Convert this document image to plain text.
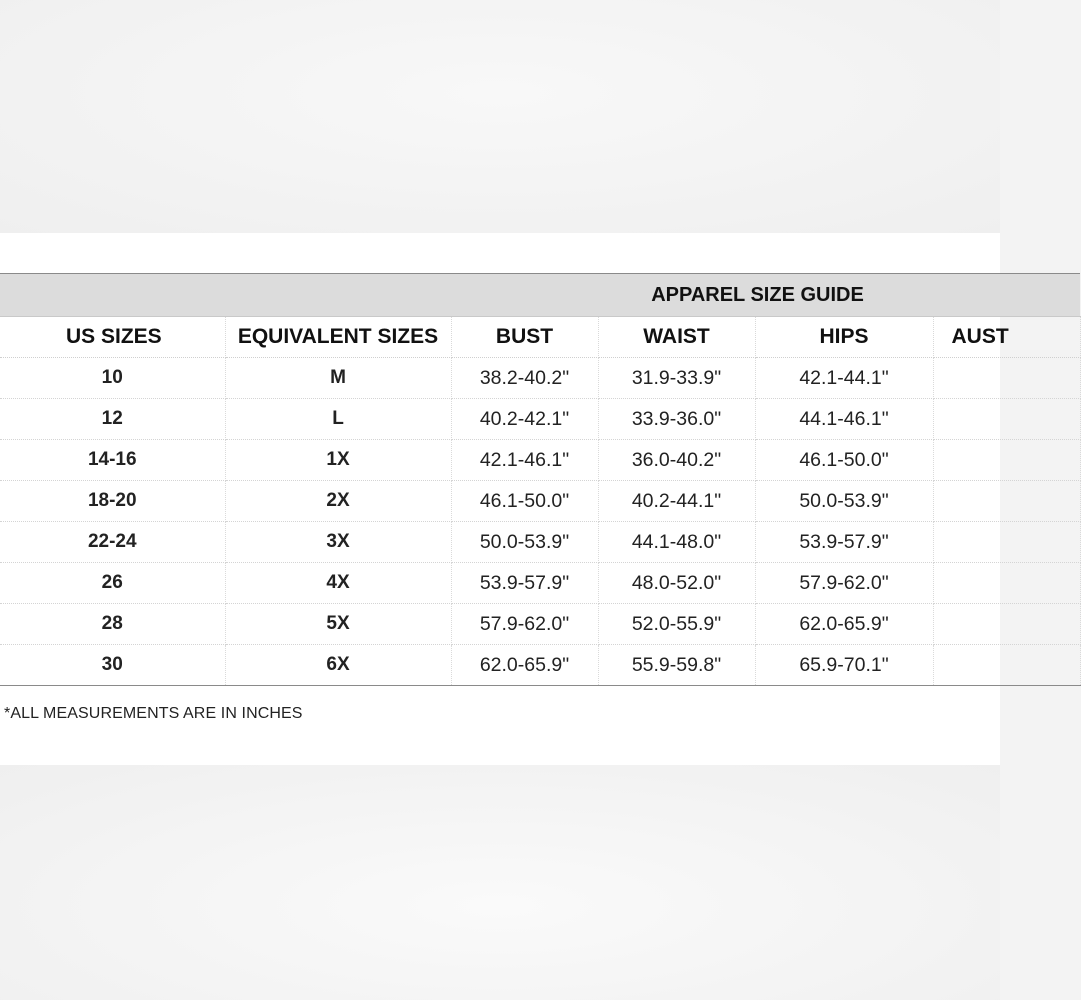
		APPAREL SIZE GUIDE			
US SIZES	EQUIVALENT SIZES	BUST	WAIST	HIPS	AUST
10	M	38.2-40.2"	31.9-33.9"	42.1-44.1"	
12	L	40.2-42.1"	33.9-36.0"	44.1-46.1"	
14-16	1X	42.1-46.1"	36.0-40.2"	46.1-50.0"	
18-20	2X	46.1-50.0"	40.2-44.1"	50.0-53.9"	
22-24	3X	50.0-53.9"	44.1-48.0"	53.9-57.9"	
26	4X	53.9-57.9"	48.0-52.0"	57.9-62.0"	
28	5X	57.9-62.0"	52.0-55.9"	62.0-65.9"	
30	6X	62.0-65.9"	55.9-59.8"	65.9-70.1"	
*ALL MEASUREMENTS ARE IN INCHES
